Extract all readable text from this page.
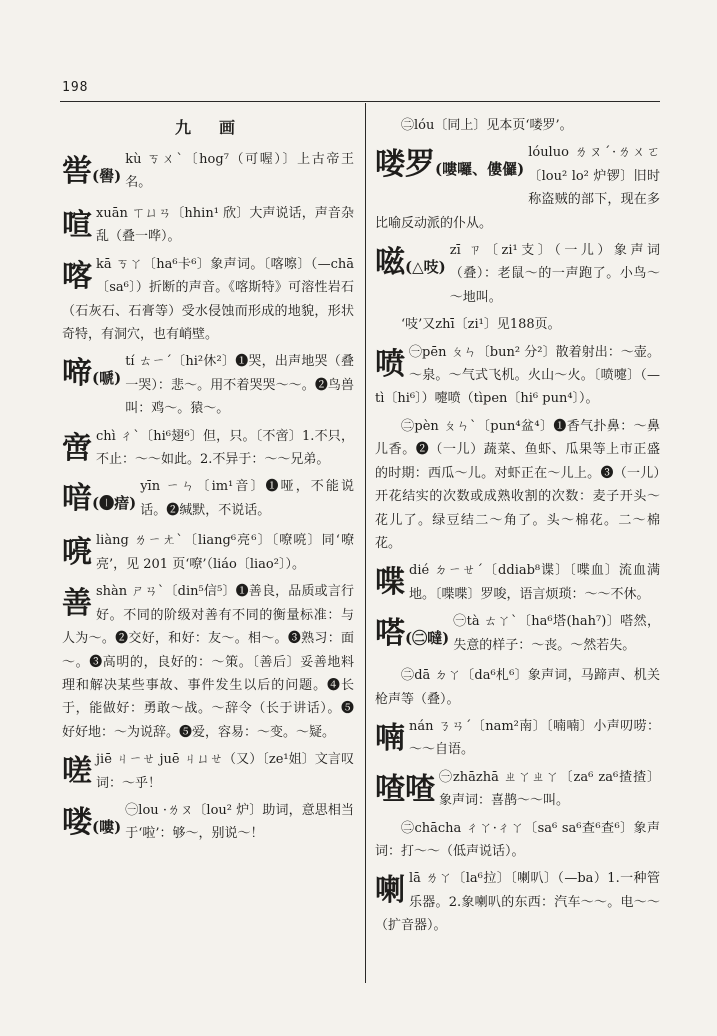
198
九　画
喾(嚳)
kù ㄎㄨˋ〔hog⁷（可喔）〕上古帝王名。
喧xuān ㄒㄩㄢ〔hhin¹ 欣〕大声说话，声音杂乱（叠一哗）。
喀kā ㄎㄚ〔ha⁶卡⁶〕象声词。〔喀嚓〕（—chā〔sa⁶〕）折断的声音。《喀斯特》可溶性岩石（石灰石、石膏等）受水侵蚀而形成的地貌，形状奇特，有洞穴，也有峭壁。
啼(嗁)
tí ㄊㄧˊ〔hi²休²〕❶哭，出声地哭（叠一哭）：悲～。用不着哭哭～～。❷鸟兽叫：鸡～。猿～。
啻chì ㄔˋ〔hi⁶翅⁶〕但，只。〔不啻〕1.不只，不止：～～如此。2.不异于：～～兄弟。
喑(❶瘖)
yīn ㄧㄣ〔im¹音〕❶哑，不能说话。❷缄默，不说话。
喨liàng ㄌㄧㄤˋ〔liang⁶亮⁶〕〔嘹喨〕同‘嘹亮’，见 201 页‘嘹’（liáo〔liao²〕）。
善shàn ㄕㄢˋ〔din⁵信⁵〕❶善良，品质或言行好。不同的阶级对善有不同的衡量标准：与人为～。❷交好，和好：友～。相～。❸熟习：面～。❸高明的，良好的：～策。〔善后〕妥善地料理和解决某些事故、事件发生以后的问题。❹长于，能做好：勇敢～战。～辞令（长于讲话）。❺好好地：～为说辞。❺爱，容易：～变。～疑。
嗟jiē ㄐㄧㄝ juē ㄐㄩㄝ（又）〔ze¹姐〕文言叹词：～乎！
喽(嘍)
㊀lou ·ㄌㄡ〔lou² 炉〕助词，意思相当于‘啦’：够～，别说～！
㊁lóu〔同上〕见本页‘喽罗’。
喽罗(嘍囉、僂儸)
lóuluo ㄌㄡˊ·ㄌㄨㄛ〔lou² lo² 炉锣〕旧时称盗贼的部下，现在多比喻反动派的仆从。
嗞(△吱)
zī ㄗ〔zi¹支〕（一儿）象声词（叠）：老鼠～的一声跑了。小鸟～～地叫。
‘吱’又zhī〔zi¹〕见188页。
喷 ㊀pēn ㄆㄣ〔bun² 分²〕散着射出：～壶。～泉。～气式飞机。火山～火。〔喷嚏〕（—tì〔hi⁶〕）嚏喷（tìpen〔hi⁶ pun⁴〕）。
㊁pèn ㄆㄣˋ〔pun⁴盆⁴〕❶香气扑鼻：～鼻儿香。❷（一儿）蔬菜、鱼虾、瓜果等上市正盛的时期：西瓜～儿。对虾正在～儿上。❸（一儿）开花结实的次数或成熟收割的次数：麦子开头～花儿了。绿豆结二～角了。头～棉花。二～棉花。
喋dié ㄉㄧㄝˊ〔ddiab⁸谍〕〔喋血〕流血满地。〔喋喋〕罗唆，语言烦琐：～～不休。
嗒(㊁噠)
㊀tà ㄊㄚˋ〔ha⁶塔(hah⁷)〕嗒然，失意的样子：～丧。～然若失。
㊁dā ㄉㄚ〔da⁶札⁶〕象声词，马蹄声、机关枪声等（叠）。
喃nán ㄋㄢˊ〔nam²南〕〔喃喃〕小声叨唠：～～自语。
喳喳 ㊀zhāzhā ㄓㄚㄓㄚ〔za⁶ za⁶揸揸〕象声词：喜鹊～～叫。
㊁chācha ㄔㄚ·ㄔㄚ〔sa⁶ sa⁶查⁶查⁶〕象声词：打～～（低声说话）。
喇lā ㄌㄚ〔la⁶拉〕〔喇叭〕（—ba）1.一种管乐器。2.象喇叭的东西：汽车～～。电～～（扩音器）。
